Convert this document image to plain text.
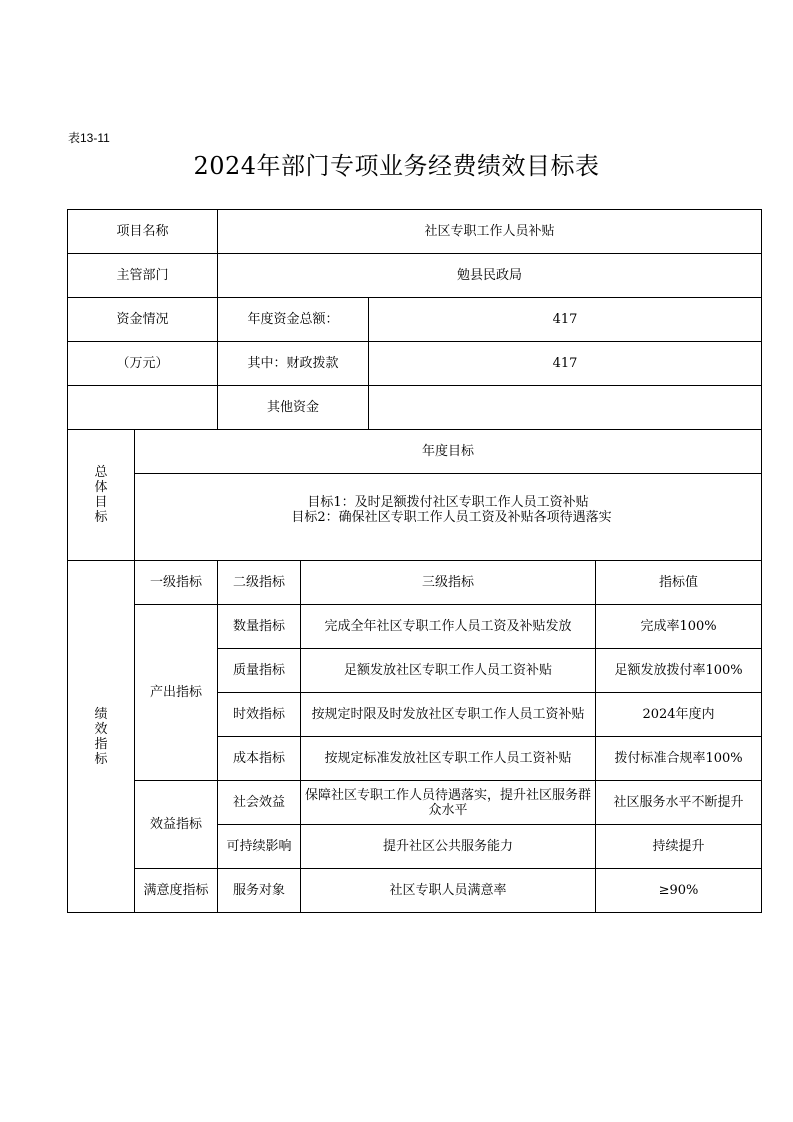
表13-11
2024年部门专项业务经费绩效目标表
项目名称		社区专职工作人员补贴			
主管部门		勉县民政局			
资金情况		年度资金总额：		417	
（万元）		其中：财政拨款		417	
		其他资金			
总
体
目
标	年度目标				

	目标1：及时足额拨付社区专职工作人员工资补贴
目标2：确保社区专职工作人员工资及补贴各项待遇落实				

绩
效
指
标	一级指标	二级指标	三级指标		指标值
	产出指标	数量指标	完成全年社区专职工作人员工资及补贴发放		完成率100%
		质量指标	足额发放社区专职工作人员工资补贴		足额发放拨付率100%
		时效指标	按规定时限及时发放社区专职工作人员工资补贴		2024年度内
		成本指标	按规定标准发放社区专职工作人员工资补贴		拨付标准合规率100%
	效益指标	社会效益	保障社区专职工作人员待遇落实，提升社区服务群众水平		社区服务水平不断提升
		可持续影响	提升社区公共服务能力		持续提升
	满意度指标	服务对象	社区专职人员满意率		≥90%
